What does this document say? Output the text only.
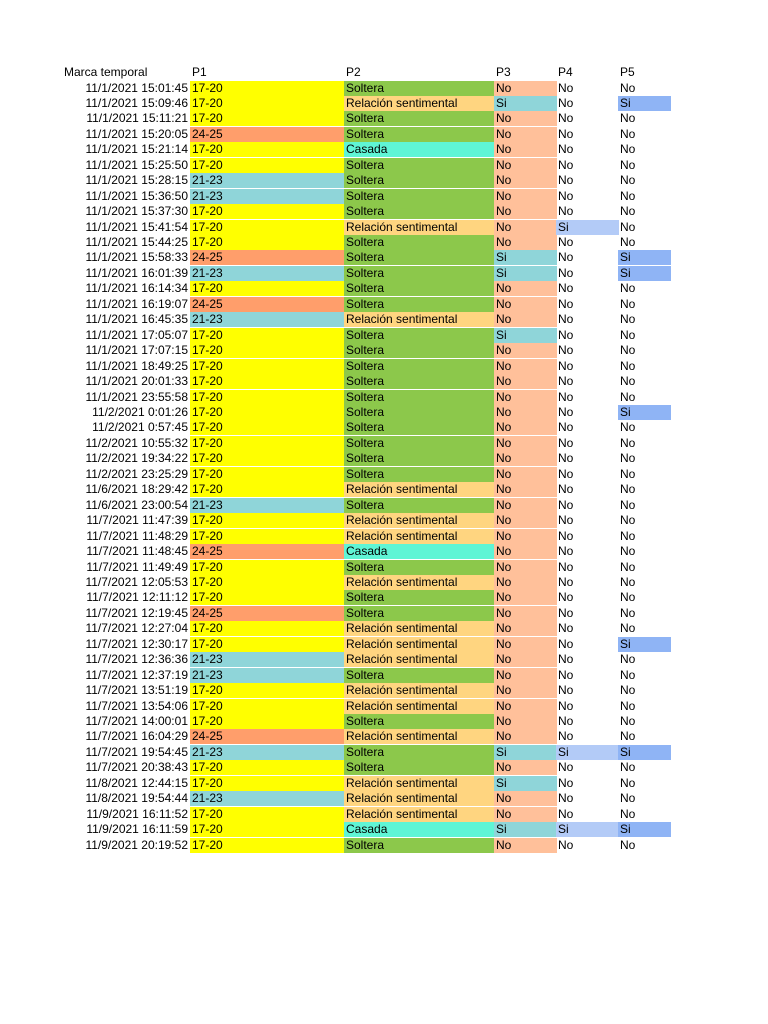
Marca temporal	P1	P2	P3	P4	P5
11/1/2021 15:01:45 17-20	Soltera	No	No	No
11/1/2021 15:09:46 17-20	Relación sentimental	Si	No	Si
11/1/2021 15:11:21 17-20	Soltera	No	No	No
11/1/2021 15:20:05 24-25	Soltera	No	No	No
11/1/2021 15:21:14 17-20	Casada	No	No	No
11/1/2021 15:25:50 17-20	Soltera	No	No	No
11/1/2021 15:28:15 21-23	Soltera	No	No	No
11/1/2021 15:36:50 21-23	Soltera	No	No	No
11/1/2021 15:37:30 17-20	Soltera	No	No	No
11/1/2021 15:41:54 17-20	Relación sentimental	No	Si	No
11/1/2021 15:44:25 17-20	Soltera	No	No	No
11/1/2021 15:58:33 24-25	Soltera	Si	No	Si
11/1/2021 16:01:39 21-23	Soltera	Si	No	Si
11/1/2021 16:14:34 17-20	Soltera	No	No	No
11/1/2021 16:19:07 24-25	Soltera	No	No	No
11/1/2021 16:45:35 21-23	Relación sentimental	No	No	No
11/1/2021 17:05:07 17-20	Soltera	Si	No	No
11/1/2021 17:07:15 17-20	Soltera	No	No	No
11/1/2021 18:49:25 17-20	Soltera	No	No	No
11/1/2021 20:01:33 17-20	Soltera	No	No	No
11/1/2021 23:55:58 17-20	Soltera	No	No	No
11/2/2021 0:01:26 17-20	Soltera	No	No	Si
11/2/2021 0:57:45 17-20	Soltera	No	No	No
11/2/2021 10:55:32 17-20	Soltera	No	No	No
11/2/2021 19:34:22 17-20	Soltera	No	No	No
11/2/2021 23:25:29 17-20	Soltera	No	No	No
11/6/2021 18:29:42 17-20	Relación sentimental	No	No	No
11/6/2021 23:00:54 21-23	Soltera	No	No	No
11/7/2021 11:47:39 17-20	Relación sentimental	No	No	No
11/7/2021 11:48:29 17-20	Relación sentimental	No	No	No
11/7/2021 11:48:45 24-25	Casada	No	No	No
11/7/2021 11:49:49 17-20	Soltera	No	No	No
11/7/2021 12:05:53 17-20	Relación sentimental	No	No	No
11/7/2021 12:11:12 17-20	Soltera	No	No	No
11/7/2021 12:19:45 24-25	Soltera	No	No	No
11/7/2021 12:27:04 17-20	Relación sentimental	No	No	No
11/7/2021 12:30:17 17-20	Relación sentimental	No	No	Si
11/7/2021 12:36:36 21-23	Relación sentimental	No	No	No
11/7/2021 12:37:19 21-23	Soltera	No	No	No
11/7/2021 13:51:19 17-20	Relación sentimental	No	No	No
11/7/2021 13:54:06 17-20	Relación sentimental	No	No	No
11/7/2021 14:00:01 17-20	Soltera	No	No	No
11/7/2021 16:04:29 24-25	Relación sentimental	No	No	No
11/7/2021 19:54:45 21-23	Soltera	Si	Si	Si
11/7/2021 20:38:43 17-20	Soltera	No	No	No
11/8/2021 12:44:15 17-20	Relación sentimental	Si	No	No
11/8/2021 19:54:44 21-23	Relación sentimental	No	No	No
11/9/2021 16:11:52 17-20	Relación sentimental	No	No	No
11/9/2021 16:11:59 17-20	Casada	Si	Si	Si
11/9/2021 20:19:52 17-20	Soltera	No	No	No
